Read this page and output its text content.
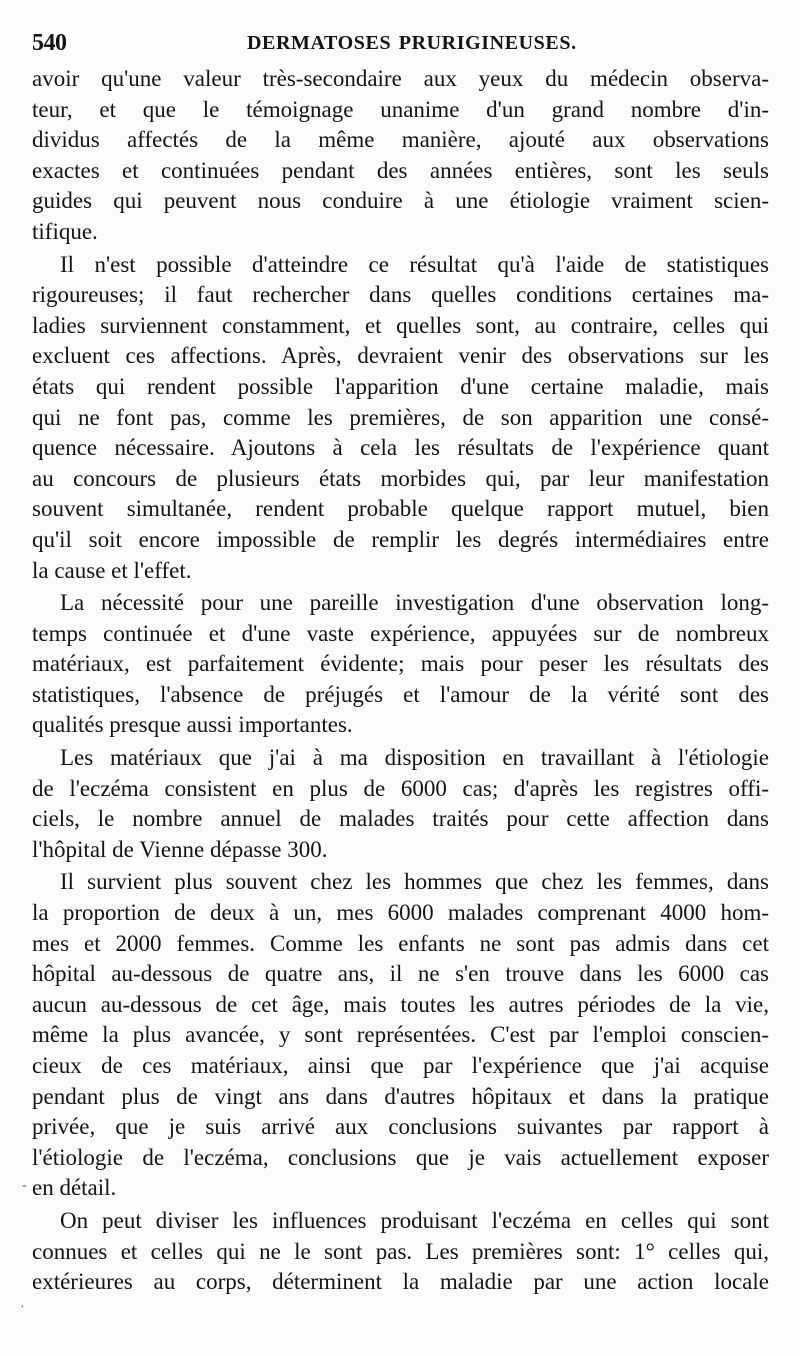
540	DERMATOSES PRURIGINEUSES.
avoir qu'une valeur très-secondaire aux yeux du médecin observa-
teur, et que le témoignage unanime d'un grand nombre d'in-
dividus affectés de la même manière, ajouté aux observations
exactes et continuées pendant des années entières, sont les seuls
guides qui peuvent nous conduire à une étiologie vraiment scien-
tifique.
Il n'est possible d'atteindre ce résultat qu'à l'aide de statistiques
rigoureuses; il faut rechercher dans quelles conditions certaines ma-
ladies surviennent constamment, et quelles sont, au contraire, celles qui
excluent ces affections. Après, devraient venir des observations sur les
états qui rendent possible l'apparition d'une certaine maladie, mais
qui ne font pas, comme les premières, de son apparition une consé-
quence nécessaire. Ajoutons à cela les résultats de l'expérience quant
au concours de plusieurs états morbides qui, par leur manifestation
souvent simultanée, rendent probable quelque rapport mutuel, bien
qu'il soit encore impossible de remplir les degrés intermédiaires entre
la cause et l'effet.
La nécessité pour une pareille investigation d'une observation long-
temps continuée et d'une vaste expérience, appuyées sur de nombreux
matériaux, est parfaitement évidente; mais pour peser les résultats des
statistiques, l'absence de préjugés et l'amour de la vérité sont des
qualités presque aussi importantes.
Les matériaux que j'ai à ma disposition en travaillant à l'étiologie
de l'eczéma consistent en plus de 6000 cas; d'après les registres offi-
ciels, le nombre annuel de malades traités pour cette affection dans
l'hôpital de Vienne dépasse 300.
Il survient plus souvent chez les hommes que chez les femmes, dans
la proportion de deux à un, mes 6000 malades comprenant 4000 hom-
mes et 2000 femmes. Comme les enfants ne sont pas admis dans cet
hôpital au-dessous de quatre ans, il ne s'en trouve dans les 6000 cas
aucun au-dessous de cet âge, mais toutes les autres périodes de la vie,
même la plus avancée, y sont représentées. C'est par l'emploi conscien-
cieux de ces matériaux, ainsi que par l'expérience que j'ai acquise
pendant plus de vingt ans dans d'autres hôpitaux et dans la pratique
privée, que je suis arrivé aux conclusions suivantes par rapport à
l'étiologie de l'eczéma, conclusions que je vais actuellement exposer
en détail.
On peut diviser les influences produisant l'eczéma en celles qui sont
connues et celles qui ne le sont pas. Les premières sont: 1° celles qui,
extérieures au corps, déterminent la maladie par une action locale
·
-
